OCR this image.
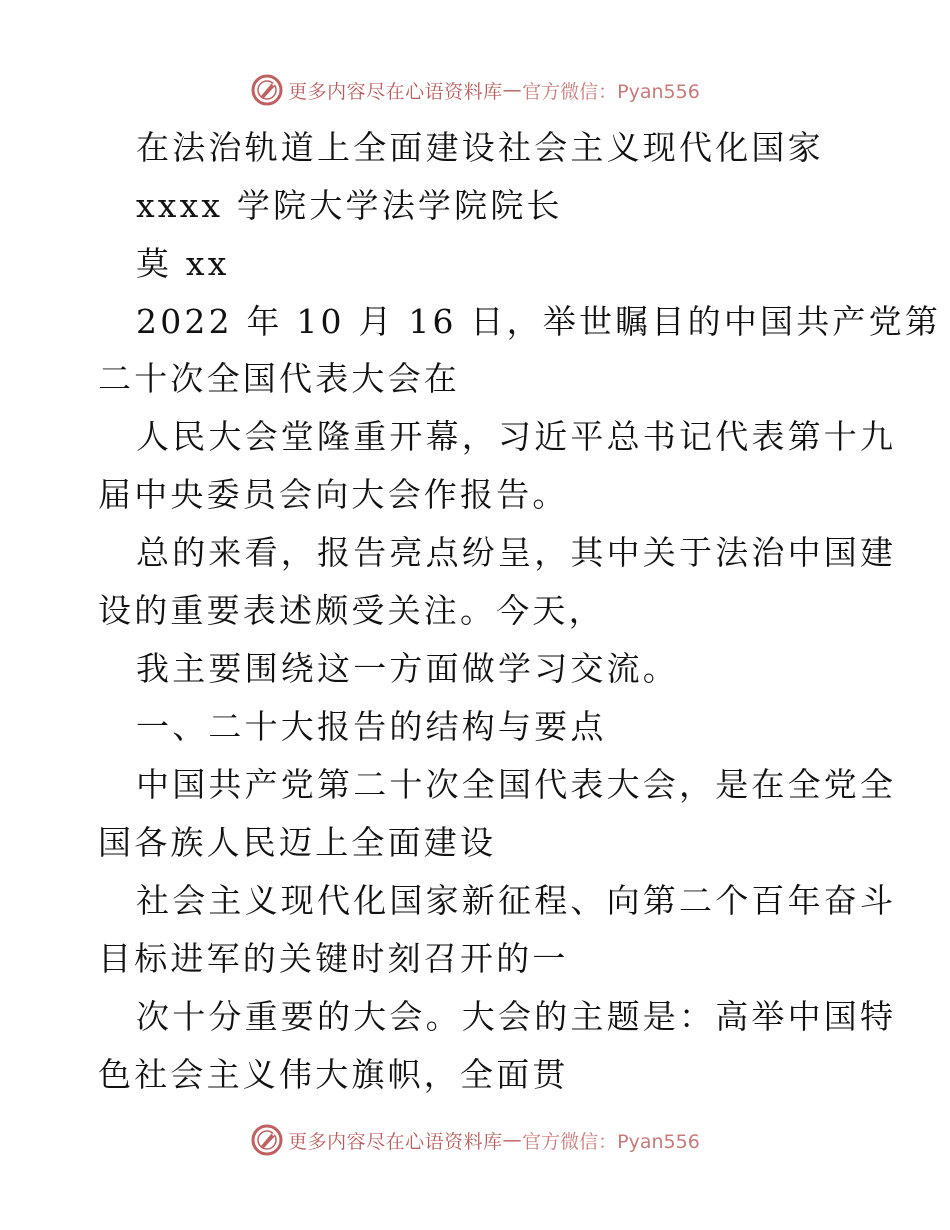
更多内容尽在心语资料库 — 官方微信：Pyan556
在法治轨道上全面建设社会主义现代化国家
xxxx 学院大学法学院院长
莫 xx
2022 年 10 月 16 日，举世瞩目的中国共产党第
二十次全国代表大会在
人民大会堂隆重开幕，习近平总书记代表第十九
届中央委员会向大会作报告。
总的来看，报告亮点纷呈，其中关于法治中国建
设的重要表述颇受关注。今天，
我主要围绕这一方面做学习交流。
一、二十大报告的结构与要点
中国共产党第二十次全国代表大会，是在全党全
国各族人民迈上全面建设
社会主义现代化国家新征程、向第二个百年奋斗
目标进军的关键时刻召开的一
次十分重要的大会。大会的主题是：高举中国特
色社会主义伟大旗帜，全面贯
更多内容尽在心语资料库 — 官方微信：Pyan556
